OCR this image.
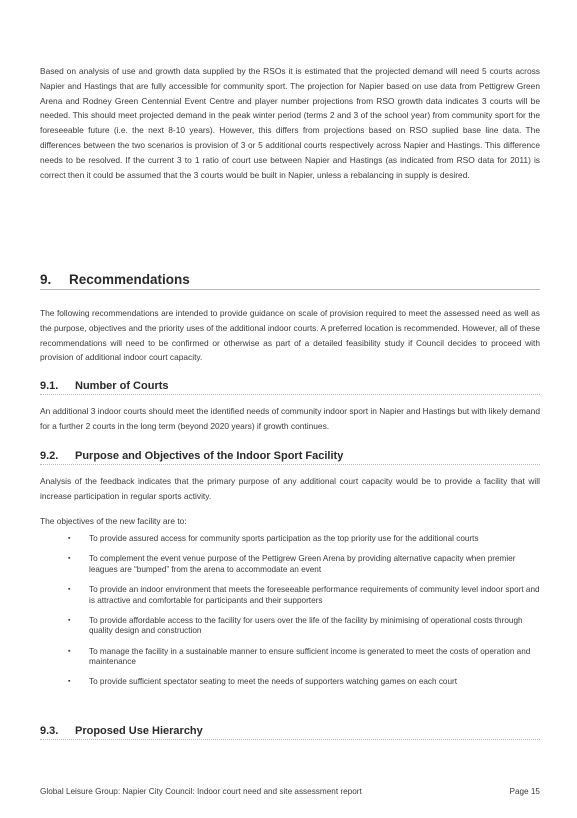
Based on analysis of use and growth data supplied by the RSOs it is estimated that the projected demand will need 5 courts across Napier and Hastings that are fully accessible for community sport. The projection for Napier based on use data from Pettigrew Green Arena and Rodney Green Centennial Event Centre and player number projections from RSO growth data indicates 3 courts will be needed. This should meet projected demand in the peak winter period (terms 2 and 3 of the school year) from community sport for the foreseeable future (i.e. the next 8-10 years). However, this differs from projections based on RSO suplied base line data. The differences between the two scenarios is provision of 3 or 5 additional courts respectively across Napier and Hastings. This difference needs to be resolved. If the current 3 to 1 ratio of court use between Napier and Hastings (as indicated from RSO data for 2011) is correct then it could be assumed that the 3 courts would be built in Napier, unless a rebalancing in supply is desired.

9. Recommendations

The following recommendations are intended to provide guidance on scale of provision required to meet the assessed need as well as the purpose, objectives and the priority uses of the additional indoor courts. A preferred location is recommended. However, all of these recommendations will need to be confirmed or otherwise as part of a detailed feasibility study if Council decides to proceed with provision of additional indoor court capacity.

9.1. Number of Courts

An additional 3 indoor courts should meet the identified needs of community indoor sport in Napier and Hastings but with likely demand for a further 2 courts in the long term (beyond 2020 years) if growth continues.

9.2. Purpose and Objectives of the Indoor Sport Facility

Analysis of the feedback indicates that the primary purpose of any additional court capacity would be to provide a facility that will increase participation in regular sports activity.

The objectives of the new facility are to:

▪ To provide assured access for community sports participation as the top priority use for the additional courts
▪ To complement the event venue purpose of the Pettigrew Green Arena by providing alternative capacity when premier leagues are “bumped” from the arena to accommodate an event
▪ To provide an indoor environment that meets the foreseeable performance requirements of community level indoor sport and is attractive and comfortable for participants and their supporters
▪ To provide affordable access to the facility for users over the life of the facility by minimising of operational costs through quality design and construction
▪ To manage the facility in a sustainable manner to ensure sufficient income is generated to meet the costs of operation and maintenance
▪ To provide sufficient spectator seating to meet the needs of supporters watching games on each court
9.3. Proposed Use Hierarchy
Global Leisure Group: Napier City Council: Indoor court need and site assessment report	Page 15
